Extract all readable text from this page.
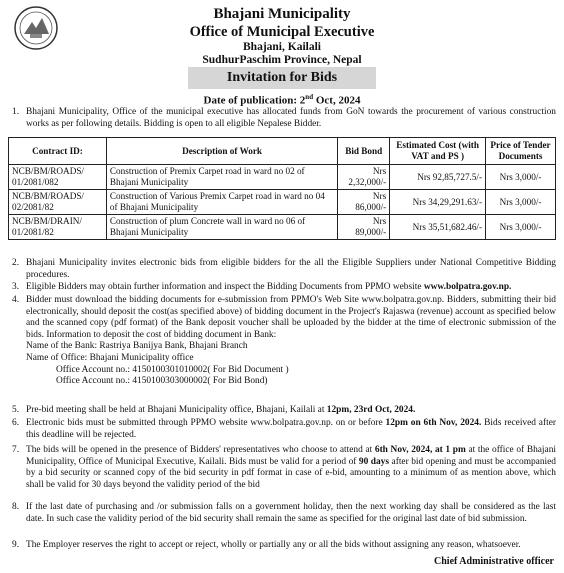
Bhajani Municipality
Office of Municipal Executive
Bhajani, Kailali
SudhurPaschim Province, Nepal
Invitation for Bids
Date of publication: 2nd Oct, 2024
1. Bhajani Municipality, Office of the municipal executive has allocated funds from GoN towards the procurement of various construction works as per following details. Bidding is open to all eligible Nepalese Bidder.
Contract ID:	Description of Work	Bid Bond	Estimated Cost (with VAT and PS )	Price of Tender Documents
NCB/BM/ROADS/ 01/2081/082	Construction of Premix Carpet road in ward no 02 of Bhajani Municipality	Nrs 2,32,000/-	Nrs 92,85,727.5/-	Nrs 3,000/-
NCB/BM/ROADS/ 02/2081/82	Construction of Various Premix Carpet road in ward no 04 of Bhajani Municipality	Nrs 86,000/-	Nrs 34,29,291.63/-	Nrs 3,000/-
NCB/BM/DRAIN/ 01/2081/82	Construction of plum Concrete wall in ward no 06 of Bhajani Municipality	Nrs 89,000/-	Nrs 35,51,682.46/-	Nrs 3,000/-
2. Bhajani Municipality invites electronic bids from eligible bidders for the all the Eligible Suppliers under National Competitive Bidding procedures.
3. Eligible Bidders may obtain further information and inspect the Bidding Documents from PPMO website www.bolpatra.gov.np.
4. Bidder must download the bidding documents for e-submission from PPMO's Web Site www.bolpatra.gov.np. Bidders, submitting their bid electronically, should deposit the cost(as specified above) of bidding document in the Project's Rajaswa (revenue) account as specified below and the scanned copy (pdf format) of the Bank deposit voucher shall be uploaded by the bidder at the time of electronic submission of the bids. Information to deposit the cost of bidding document in Bank:
Name of the Bank: Rastriya Banijya Bank, Bhajani Branch
Name of Office: Bhajani Municipality office
Office Account no.: 4150100301010002( For Bid Document )
Office Account no.: 4150100303000002( For Bid Bond)
5. Pre-bid meeting shall be held at Bhajani Municipality office, Bhajani, Kailali at 12pm, 23rd Oct, 2024.
6. Electronic bids must be submitted through PPMO website www.bolpatra.gov.np. on or before 12pm on 6th Nov, 2024. Bids received after this deadline will be rejected.
7. The bids will be opened in the presence of Bidders' representatives who choose to attend at 6th Nov, 2024, at 1 pm at the office of Bhajani Municipality, Office of Municipal Executive, Kailali. Bids must be valid for a period of 90 days after bid opening and must be accompanied by a bid security or scanned copy of the bid security in pdf format in case of e-bid, amounting to a minimum of as mention above, which shall be valid for 30 days beyond the validity period of the bid
8. If the last date of purchasing and /or submission falls on a government holiday, then the next working day shall be considered as the last date. In such case the validity period of the bid security shall remain the same as specified for the original last date of bid submission.
9. The Employer reserves the right to accept or reject, wholly or partially any or all the bids without assigning any reason, whatsoever.
Chief Administrative officer
